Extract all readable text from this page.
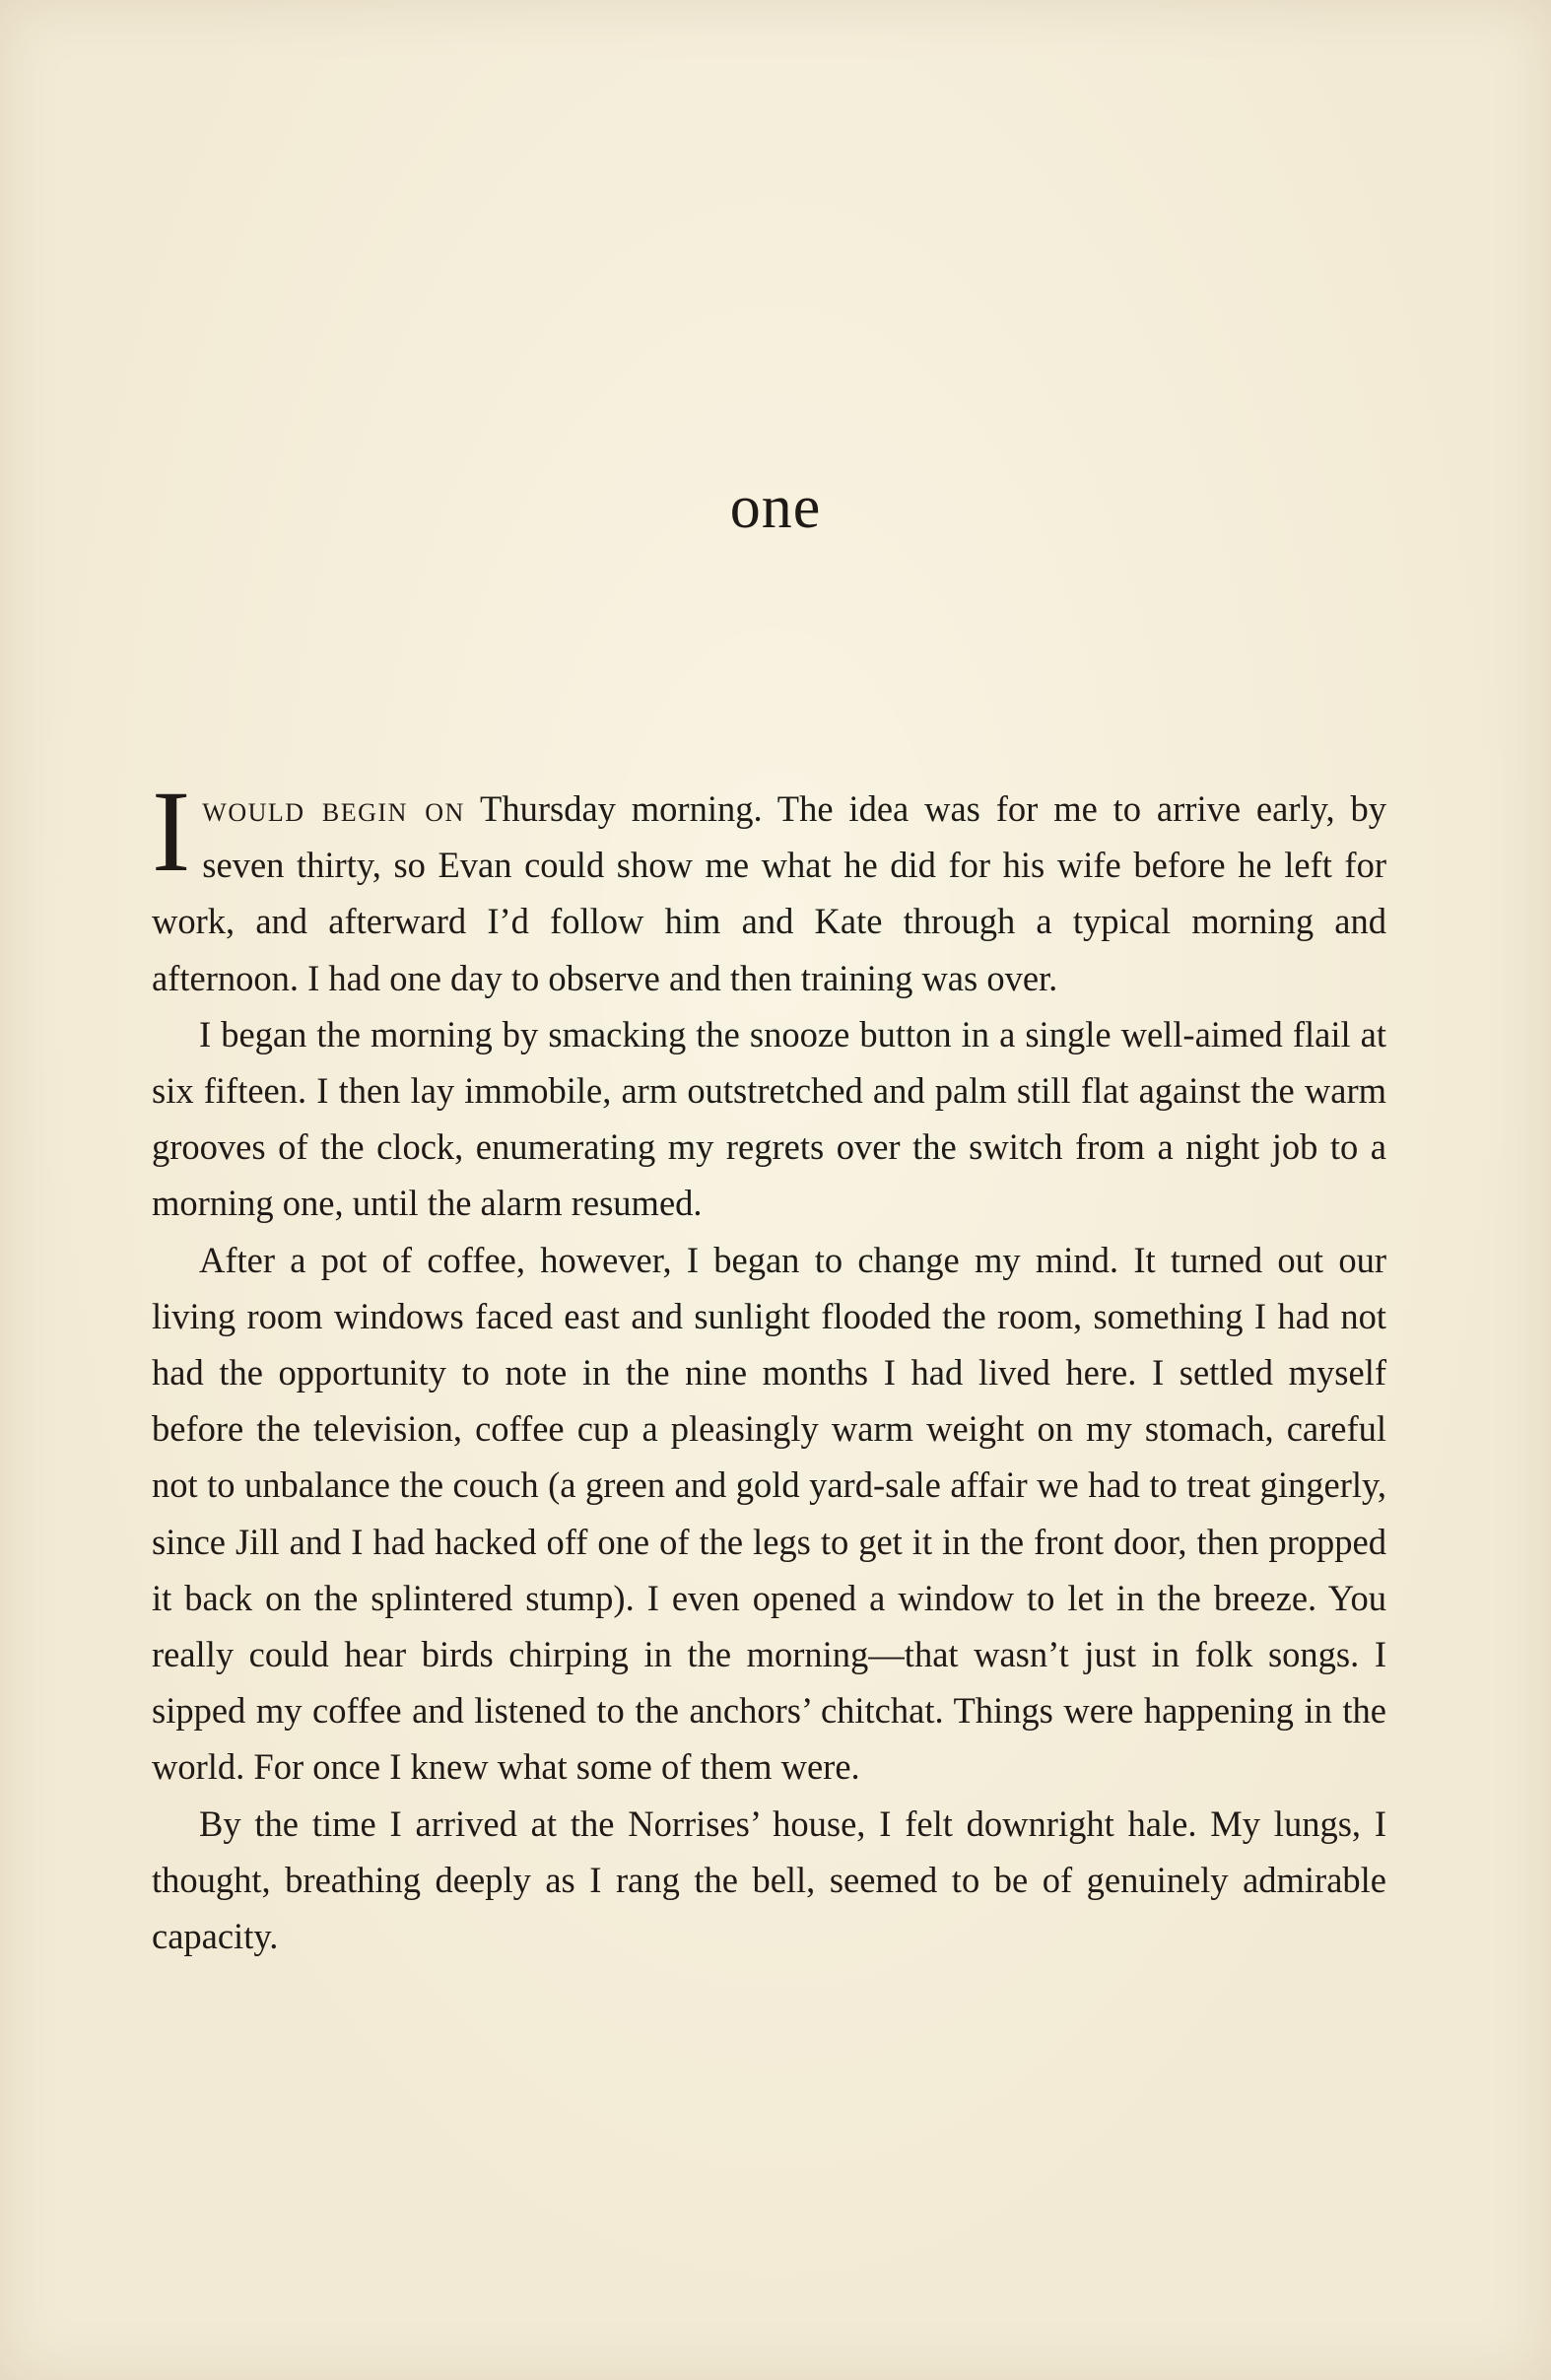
one

Iwould begin on Thursday morning. The idea was for me to arrive early, by seven thirty, so Evan could show me what he did for his wife before he left for work, and afterward I’d follow him and Kate through a typical morning and afternoon. I had one day to observe and then training was over.

I began the morning by smacking the snooze button in a single well-aimed flail at six fifteen. I then lay immobile, arm outstretched and palm still flat against the warm grooves of the clock, enumerating my regrets over the switch from a night job to a morning one, until the alarm resumed.

After a pot of coffee, however, I began to change my mind. It turned out our living room windows faced east and sunlight flooded the room, something I had not had the opportunity to note in the nine months I had lived here. I settled myself before the television, coffee cup a pleasingly warm weight on my stomach, careful not to unbalance the couch (a green and gold yard-sale affair we had to treat gingerly, since Jill and I had hacked off one of the legs to get it in the front door, then propped it back on the splintered stump). I even opened a window to let in the breeze. You really could hear birds chirping in the morning—that wasn’t just in folk songs. I sipped my coffee and listened to the anchors’ chitchat. Things were happening in the world. For once I knew what some of them were.

By the time I arrived at the Norrises’ house, I felt downright hale. My lungs, I thought, breathing deeply as I rang the bell, seemed to be of genuinely admirable capacity.
